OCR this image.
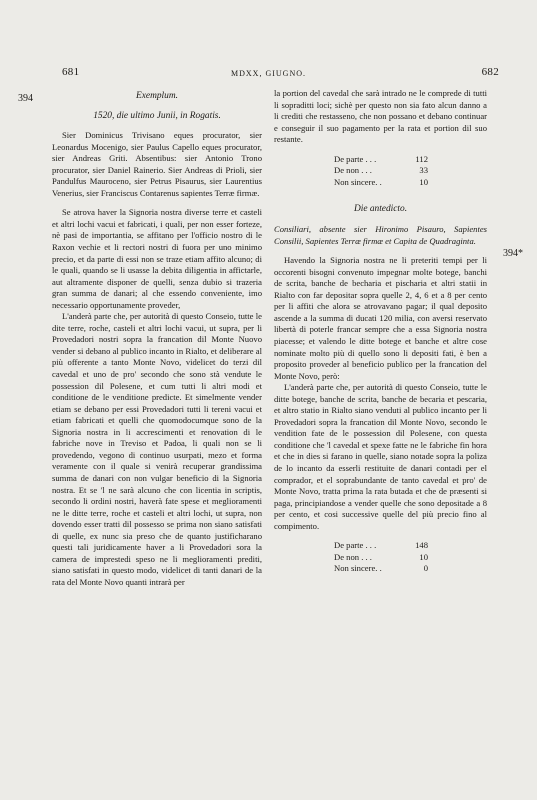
681	MDXX, GIUGNO.	682
394
394*
Exemplum.
1520, die ultimo Junii, in Rogatis.

Sier Dominicus Trivisano eques procurator, sier Leonardus Mocenigo, sier Paulus Capello eques procurator, sier Andreas Griti. Absentibus: sier Antonio Trono procurator, sier Daniel Rainerio. Sier Andreas di Prioli, sier Pandulfus Mauroceno, sier Petrus Pisaurus, sier Laurentius Venerius, sier Franciscus Contarenus sapientes Terræ firmæ.

Se atrova haver la Signoria nostra diverse terre et casteli et altri lochi vacui et fabricati, i quali, per non esser forteze, nè pasi de importantia, se affitano per l'officio nostro di le Raxon vechie et li rectori nostri di fuora per uno minimo precio, et da parte di essi non se traze etiam affito alcuno; di le quali, quando se li usasse la debita diligentia in affictarle, aut altramente disponer de quelli, senza dubio si trazeria gran summa de danari; al che essendo conveniente, imo necessario opportunamente proveder,

L'anderà parte che, per autorità di questo Conseio, tutte le dite terre, roche, casteli et altri lochi vacui, ut supra, per li Provedadori nostri sopra la francation dil Monte Nuovo vender si debano al publico incanto in Rialto, et deliberare al più offerente a tanto Monte Novo, videlicet do terzi dil cavedal et uno de pro' secondo che sono stà vendute le possession dil Polesene, et cum tutti li altri modi et conditione de le venditione predicte. Et simelmente vender etiam se debano per essi Provedadori tutti li tereni vacui et etiam fabricati et quelli che quomodocumque sono de la Signoria nostra in li accrescimenti et renovation di le fabriche nove in Treviso et Padoa, li quali non se li provedendo, vegono di continuo usurpati, mezo et forma veramente con il quale si venirà recuperar grandissima summa de danari con non vulgar beneficio di la Signoria nostra. Et se 'l ne sarà alcuno che con licentia in scriptis, secondo li ordini nostri, haverà fate spese et meglioramenti ne le ditte terre, roche et casteli et altri lochi, ut supra, non dovendo esser tratti dil possesso se prima non siano satisfati di quelle, ex nunc sia preso che de quanto justificharano questi tali juridicamente haver a li Provedadori sora la camera de imprestedi speso ne li meglioramenti prediti, siano satisfati in questo modo, videlicet di tanti danari de la rata del Monte Novo quanti intrarà per

la portion del cavedal che sarà intrado ne le comprede di tutti li sopraditti loci; sichè per questo non sia fato alcun danno a li crediti che restasseno, che non possano et debano continuar e conseguir il suo pagamento per la rata et portion dil suo restante.

De parte . . .	112
De non . . .	33
Non sincere. .	10
Die antedicto.

Consiliari, absente sier Hironimo Pisauro, Sapientes Consilii, Sapientes Terræ firmæ et Capita de Quadraginta.

Havendo la Signoria nostra ne li preteriti tempi per li occorenti bisogni convenuto impegnar molte botege, banchi de scrita, banche de becharia et pischaria et altri statii in Rialto con far depositar sopra quelle 2, 4, 6 et a 8 per cento per li affiti che alora se atrovavano pagar; il qual deposito ascende a la summa di ducati 120 milia, con aversi reservato libertà di poterle francar sempre che a essa Signoria nostra piacesse; et valendo le ditte botege et banche et altre cose nominate molto più di quello sono li depositi fati, è ben a proposito proveder al beneficio publico per la francation del Monte Novo, però:

L'anderà parte che, per autorità di questo Conseio, tutte le ditte botege, banche de scrita, banche de becaria et pescaria, et altro statio in Rialto siano venduti al publico incanto per li Provedadori sopra la francation dil Monte Novo, secondo le vendition fate de le possession dil Polesene, con questa conditione che 'l cavedal et spexe fatte ne le fabriche fin hora et che in dies si farano in quelle, siano notade sopra la poliza de lo incanto da esserli restituite de danari contadi per el comprador, et el soprabundante de tanto cavedal et pro' de Monte Novo, tratta prima la rata butada et che de præsenti si paga, principiandose a vender quelle che sono depositade a 8 per cento, et cosi successive quelle del più precio fino al compimento.

De parte . . .	148
De non . . .	10
Non sincere. .	0
